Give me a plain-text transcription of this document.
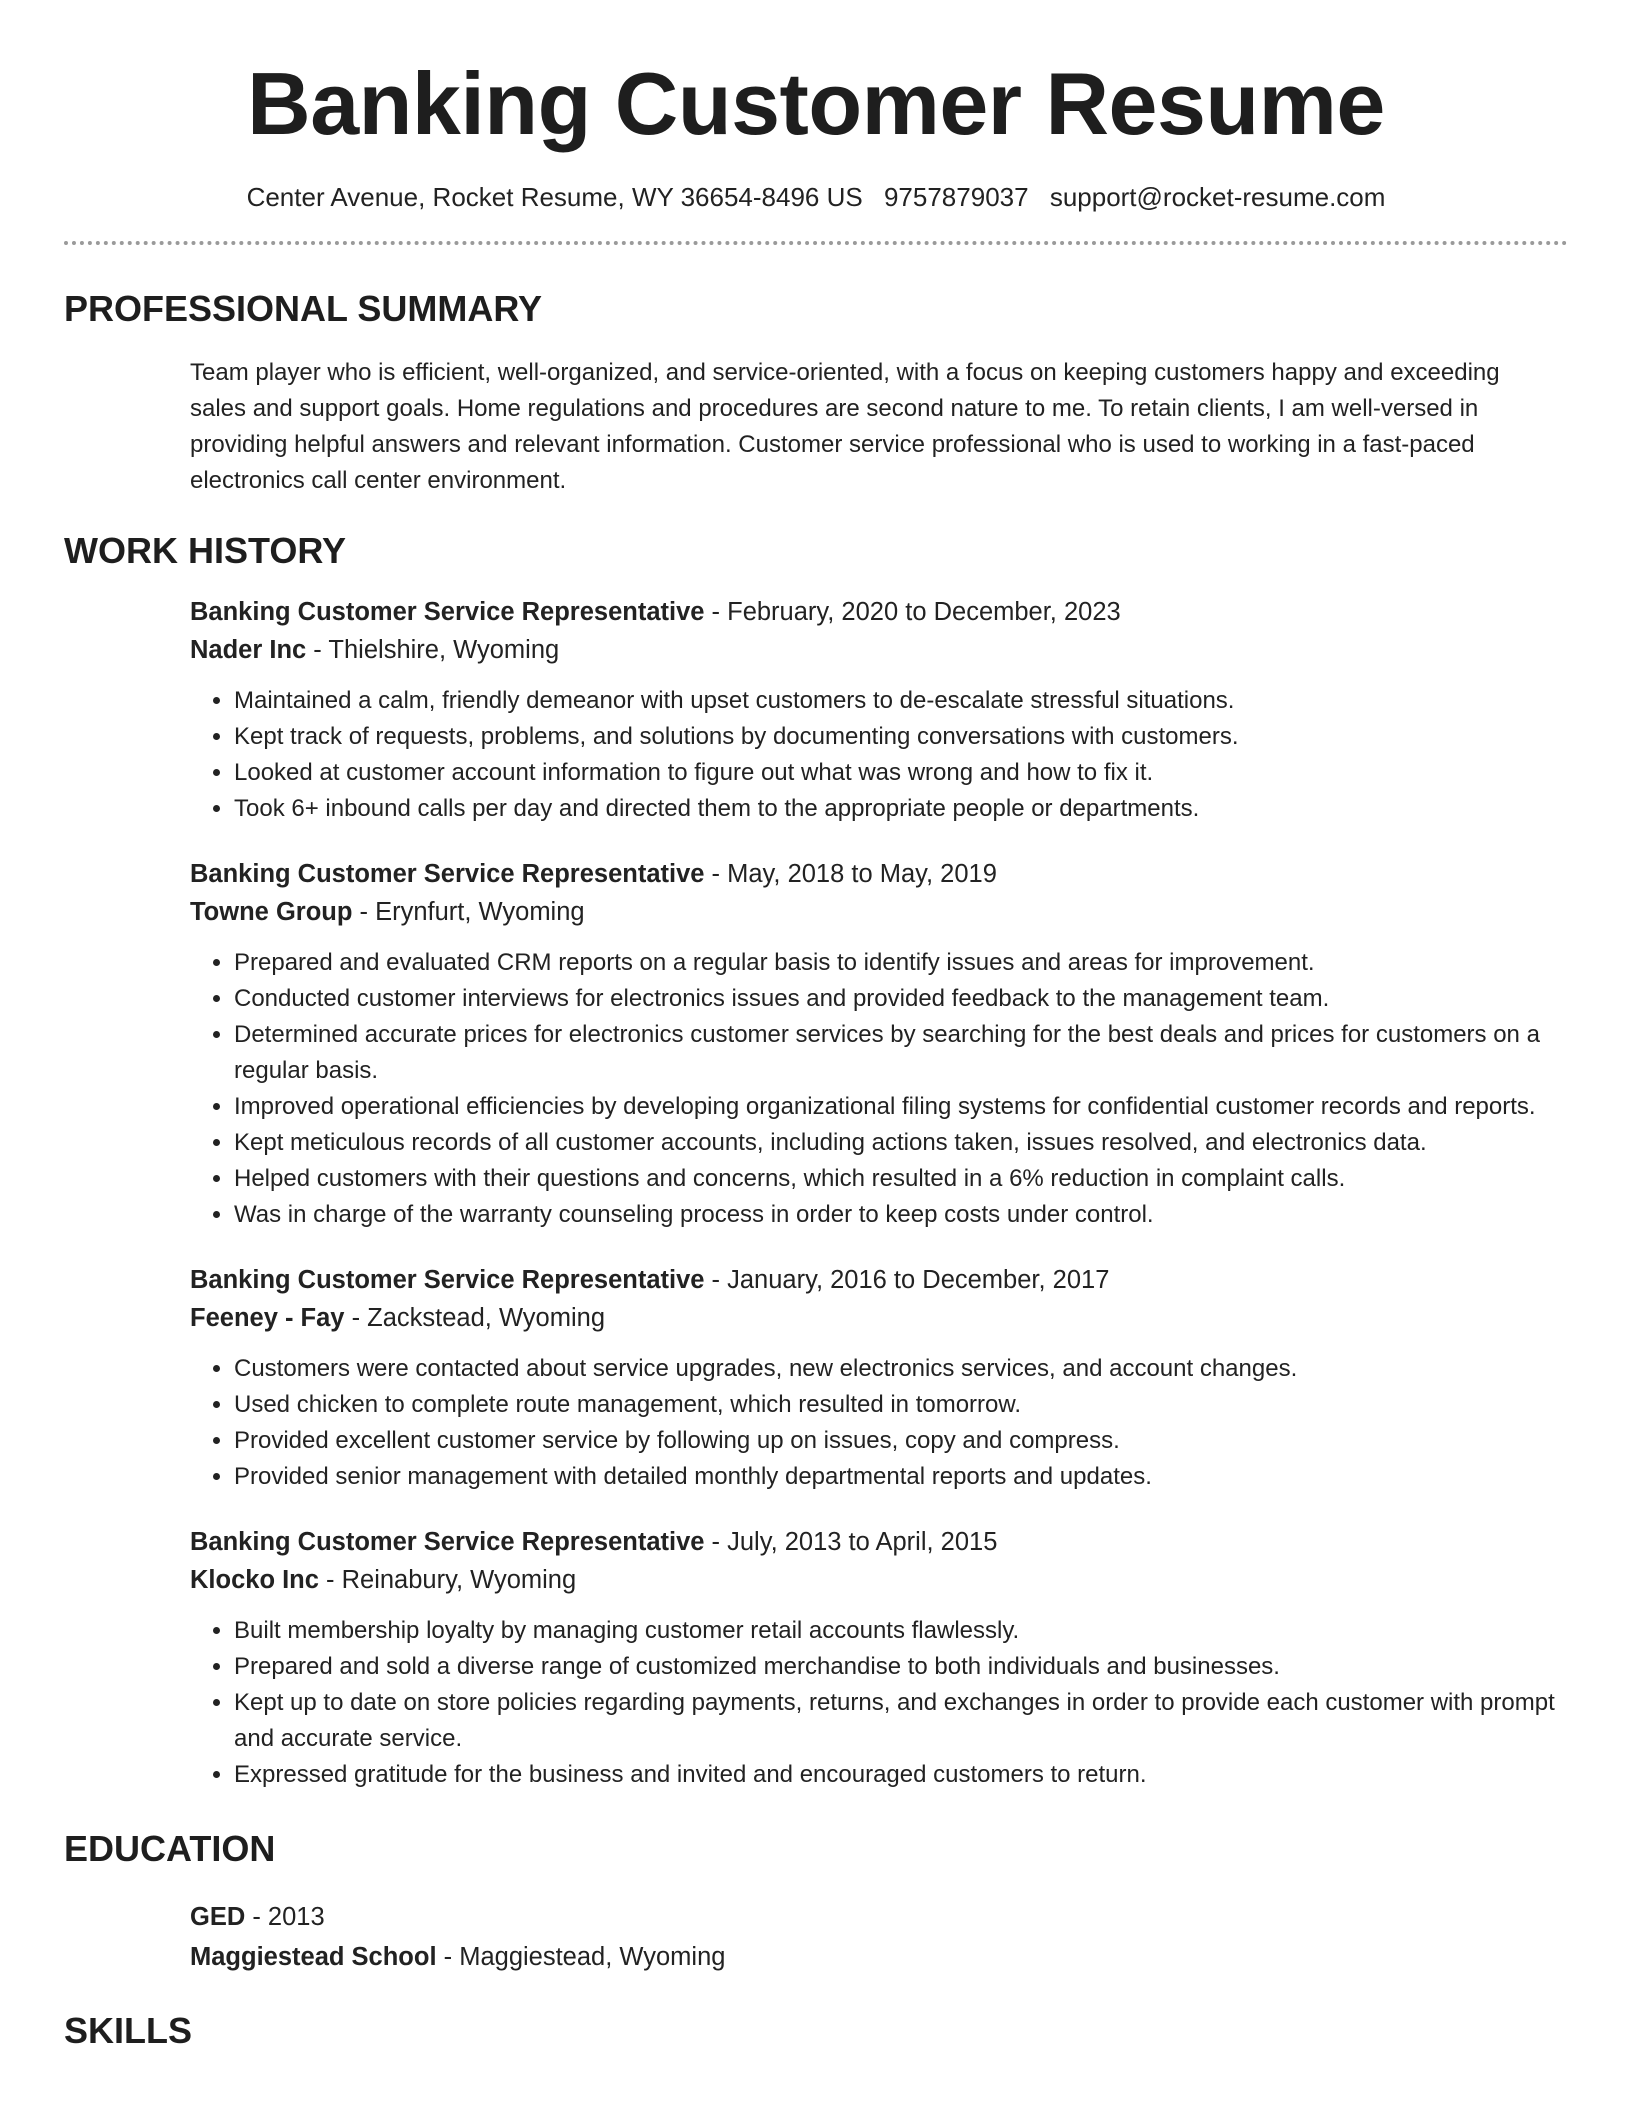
Banking Customer Resume
Center Avenue, Rocket Resume, WY 36654-8496 US 9757879037 support@rocket-resume.com
PROFESSIONAL SUMMARY
Team player who is efficient, well-organized, and service-oriented, with a focus on keeping customers happy and exceeding sales and support goals. Home regulations and procedures are second nature to me. To retain clients, I am well-versed in providing helpful answers and relevant information. Customer service professional who is used to working in a fast-paced electronics call center environment.
WORK HISTORY
Banking Customer Service Representative - February, 2020 to December, 2023
Nader Inc - Thielshire, Wyoming
• Maintained a calm, friendly demeanor with upset customers to de-escalate stressful situations.
• Kept track of requests, problems, and solutions by documenting conversations with customers.
• Looked at customer account information to figure out what was wrong and how to fix it.
• Took 6+ inbound calls per day and directed them to the appropriate people or departments.
Banking Customer Service Representative - May, 2018 to May, 2019
Towne Group - Erynfurt, Wyoming
• Prepared and evaluated CRM reports on a regular basis to identify issues and areas for improvement.
• Conducted customer interviews for electronics issues and provided feedback to the management team.
• Determined accurate prices for electronics customer services by searching for the best deals and prices for customers on a regular basis.
• Improved operational efficiencies by developing organizational filing systems for confidential customer records and reports.
• Kept meticulous records of all customer accounts, including actions taken, issues resolved, and electronics data.
• Helped customers with their questions and concerns, which resulted in a 6% reduction in complaint calls.
• Was in charge of the warranty counseling process in order to keep costs under control.
Banking Customer Service Representative - January, 2016 to December, 2017
Feeney - Fay - Zackstead, Wyoming
• Customers were contacted about service upgrades, new electronics services, and account changes.
• Used chicken to complete route management, which resulted in tomorrow.
• Provided excellent customer service by following up on issues, copy and compress.
• Provided senior management with detailed monthly departmental reports and updates.
Banking Customer Service Representative - July, 2013 to April, 2015
Klocko Inc - Reinabury, Wyoming
• Built membership loyalty by managing customer retail accounts flawlessly.
• Prepared and sold a diverse range of customized merchandise to both individuals and businesses.
• Kept up to date on store policies regarding payments, returns, and exchanges in order to provide each customer with prompt and accurate service.
• Expressed gratitude for the business and invited and encouraged customers to return.
EDUCATION
GED - 2013
Maggiestead School - Maggiestead, Wyoming
SKILLS
